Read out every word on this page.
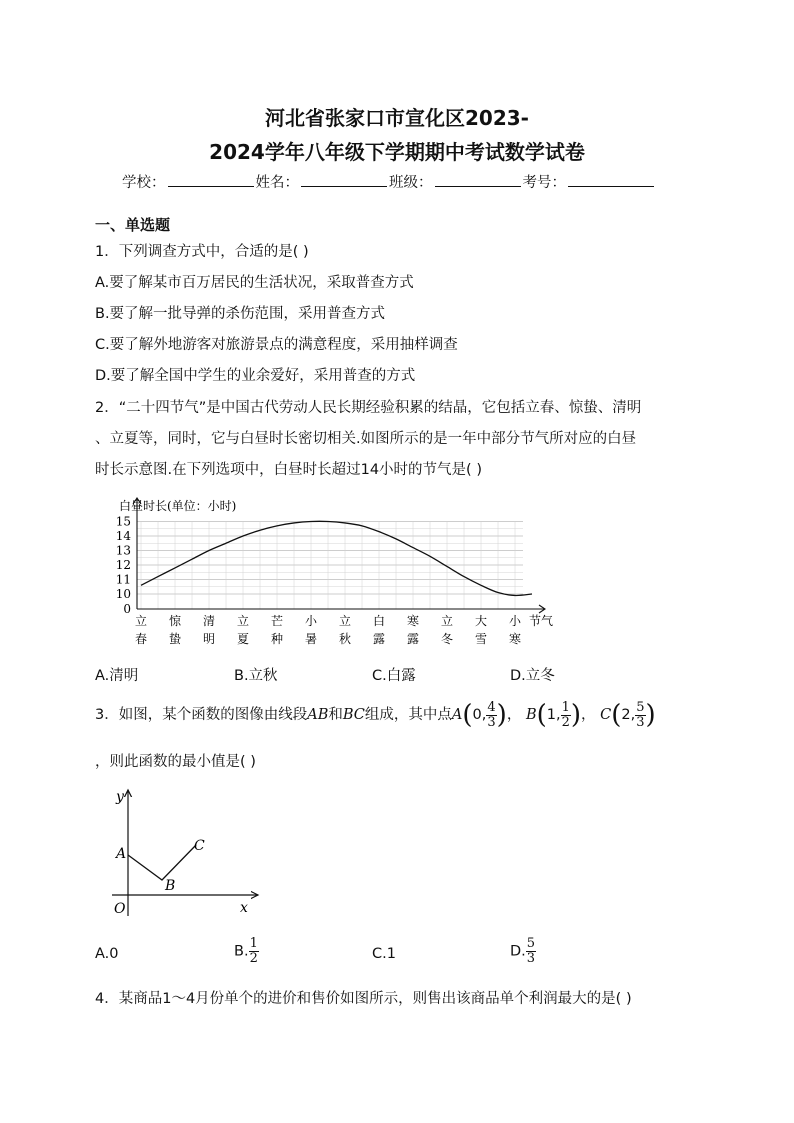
河北省张家口市宣化区2023-
2024学年八年级下学期期中考试数学试卷
学校：	姓名：	班级：	考号：
一、单选题
1．下列调查方式中，合适的是( )
A.要了解某市百万居民的生活状况，采取普查方式
B.要了解一批导弹的杀伤范围，采用普查方式
C.要了解外地游客对旅游景点的满意程度，采用抽样调查
D.要了解全国中学生的业余爱好，采用普查的方式
2．“二十四节气”是中国古代劳动人民长期经验积累的结晶，它包括立春、惊蛰、清明
、立夏等，同时，它与白昼时长密切相关.如图所示的是一年中部分节气所对应的白昼
时长示意图.在下列选项中，白昼时长超过14小时的节气是( )
0
10
11
12
13
14
15
立
春
惊
蛰
清
明
立
夏
芒
种
小
暑
立
秋
白
露
寒
露
立
冬
大
雪
小
寒
白昼时长(单位：小时)
节气
A.清明	B.立秋	C.白露	D.立冬
3．如图，某个函数的图像由线段AB和BC组成，其中点A(0, $\frac{4}{3}$ )， B(1, $\frac{1}{2}$ )， C(2, $\frac{5}{3}$ )
，则此函数的最小值是( )
y
x
O
A
B
C
A.0	B. $\frac{1}{2}$	C.1	D. $\frac{5}{3}$
4．某商品1～4月份单个的进价和售价如图所示，则售出该商品单个利润最大的是( )
